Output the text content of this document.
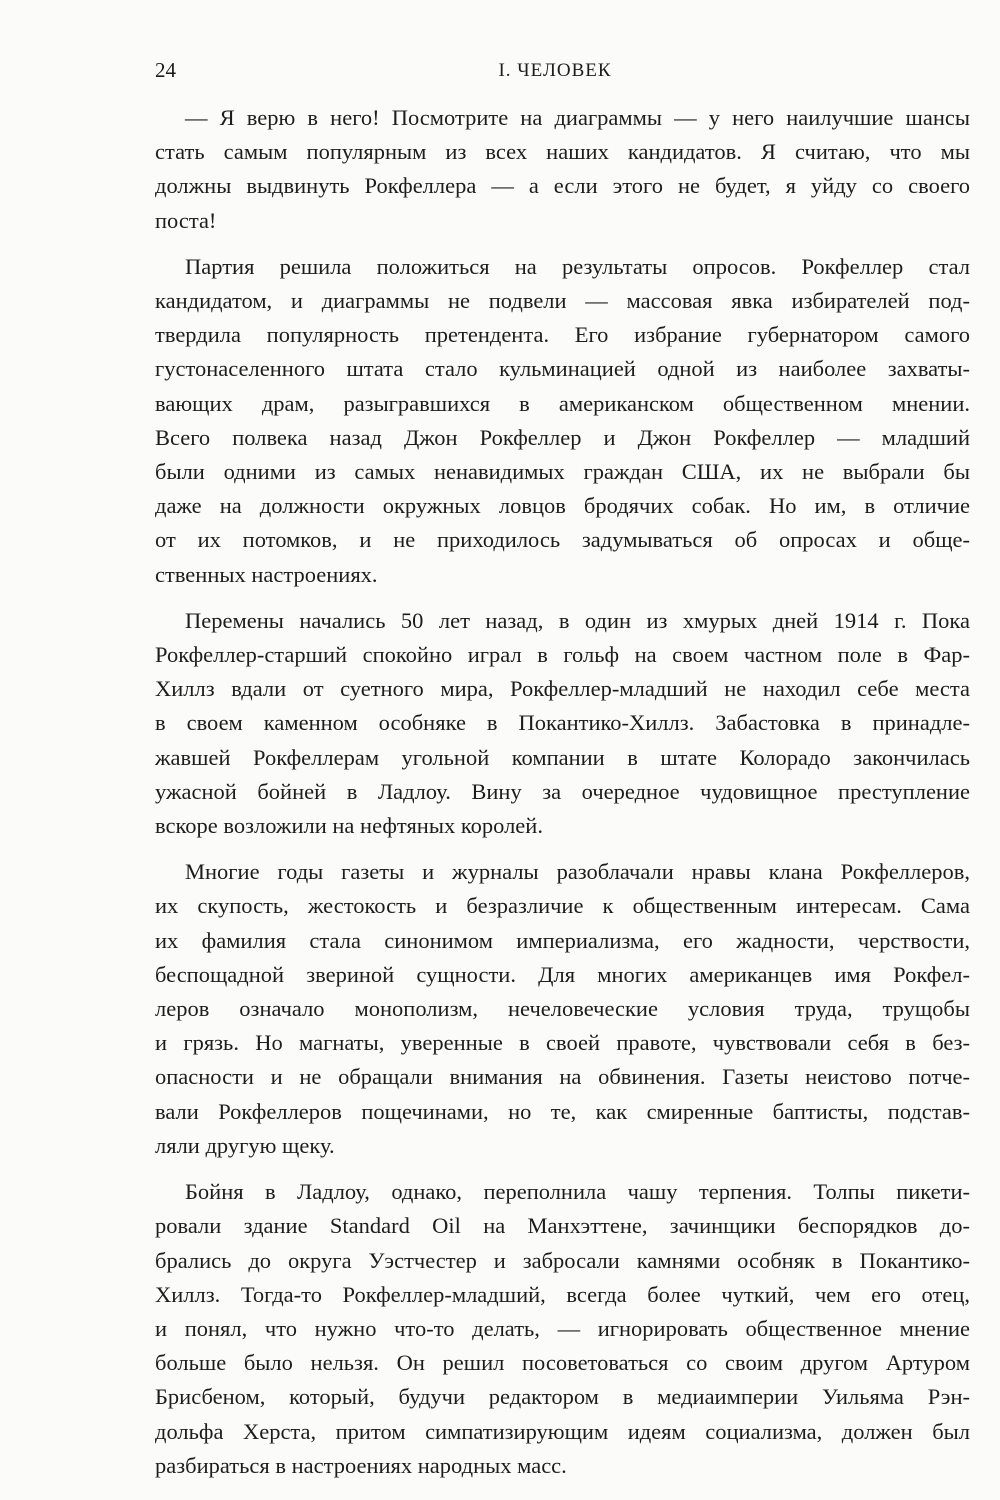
24	I. ЧЕЛОВЕК
— Я верю в него! Посмотрите на диаграммы — у него наилучшие шансы
стать самым популярным из всех наших кандидатов. Я считаю, что мы
должны выдвинуть Рокфеллера — а если этого не будет, я уйду со своего
поста!
Партия решила положиться на результаты опросов. Рокфеллер стал
кандидатом, и диаграммы не подвели — массовая явка избирателей под-
твердила популярность претендента. Его избрание губернатором самого
густонаселенного штата стало кульминацией одной из наиболее захваты-
вающих драм, разыгравшихся в американском общественном мнении.
Всего полвека назад Джон Рокфеллер и Джон Рокфеллер — младший
были одними из самых ненавидимых граждан США, их не выбрали бы
даже на должности окружных ловцов бродячих собак. Но им, в отличие
от их потомков, и не приходилось задумываться об опросах и обще-
ственных настроениях.
Перемены начались 50 лет назад, в один из хмурых дней 1914 г. Пока
Рокфеллер-старший спокойно играл в гольф на своем частном поле в Фар-
Хиллз вдали от суетного мира, Рокфеллер-младший не находил себе места
в своем каменном особняке в Покантико-Хиллз. Забастовка в принадле-
жавшей Рокфеллерам угольной компании в штате Колорадо закончилась
ужасной бойней в Ладлоу. Вину за очередное чудовищное преступление
вскоре возложили на нефтяных королей.
Многие годы газеты и журналы разоблачали нравы клана Рокфеллеров,
их скупость, жестокость и безразличие к общественным интересам. Сама
их фамилия стала синонимом империализма, его жадности, черствости,
беспощадной звериной сущности. Для многих американцев имя Рокфел-
леров означало монополизм, нечеловеческие условия труда, трущобы
и грязь. Но магнаты, уверенные в своей правоте, чувствовали себя в без-
опасности и не обращали внимания на обвинения. Газеты неистово потче-
вали Рокфеллеров пощечинами, но те, как смиренные баптисты, подстав-
ляли другую щеку.
Бойня в Ладлоу, однако, переполнила чашу терпения. Толпы пикети-
ровали здание Standard Oil на Манхэттене, зачинщики беспорядков до-
брались до округа Уэстчестер и забросали камнями особняк в Покантико-
Хиллз. Тогда-то Рокфеллер-младший, всегда более чуткий, чем его отец,
и понял, что нужно что-то делать, — игнорировать общественное мнение
больше было нельзя. Он решил посоветоваться со своим другом Артуром
Брисбеном, который, будучи редактором в медиаимперии Уильяма Рэн-
дольфа Херста, притом симпатизирующим идеям социализма, должен был
разбираться в настроениях народных масс.
